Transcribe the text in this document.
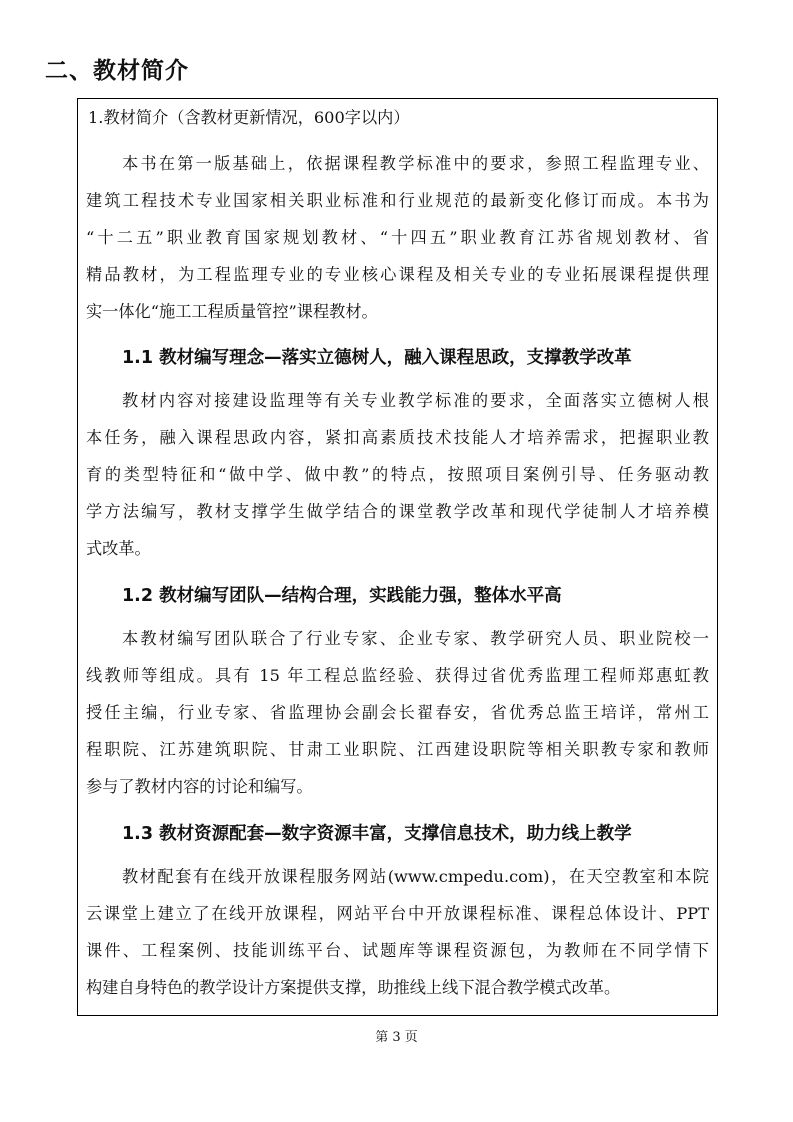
二、教材简介
1.教材简介（含教材更新情况，600字以内）
本书在第一版基础上，依据课程教学标准中的要求，参照工程监理专业、
建筑工程技术专业国家相关职业标准和行业规范的最新变化修订而成。本书为
“十二五”职业教育国家规划教材、“十四五”职业教育江苏省规划教材、省
精品教材，为工程监理专业的专业核心课程及相关专业的专业拓展课程提供理
实一体化“施工工程质量管控”课程教材。
1.1 教材编写理念—落实立德树人，融入课程思政，支撑教学改革
教材内容对接建设监理等有关专业教学标准的要求，全面落实立德树人根
本任务，融入课程思政内容，紧扣高素质技术技能人才培养需求，把握职业教
育的类型特征和“做中学、做中教”的特点，按照项目案例引导、任务驱动教
学方法编写，教材支撑学生做学结合的课堂教学改革和现代学徒制人才培养模
式改革。
1.2 教材编写团队—结构合理，实践能力强，整体水平高
本教材编写团队联合了行业专家、企业专家、教学研究人员、职业院校一
线教师等组成。具有 15 年工程总监经验、获得过省优秀监理工程师郑惠虹教
授任主编，行业专家、省监理协会副会长翟春安，省优秀总监王培详，常州工
程职院、江苏建筑职院、甘肃工业职院、江西建设职院等相关职教专家和教师
参与了教材内容的讨论和编写。
1.3 教材资源配套—数字资源丰富，支撑信息技术，助力线上教学
教材配套有在线开放课程服务网站(www.cmpedu.com)，在天空教室和本院
云课堂上建立了在线开放课程，网站平台中开放课程标准、课程总体设计、PPT
课件、工程案例、技能训练平台、试题库等课程资源包，为教师在不同学情下
构建自身特色的教学设计方案提供支撑，助推线上线下混合教学模式改革。
第 3 页
